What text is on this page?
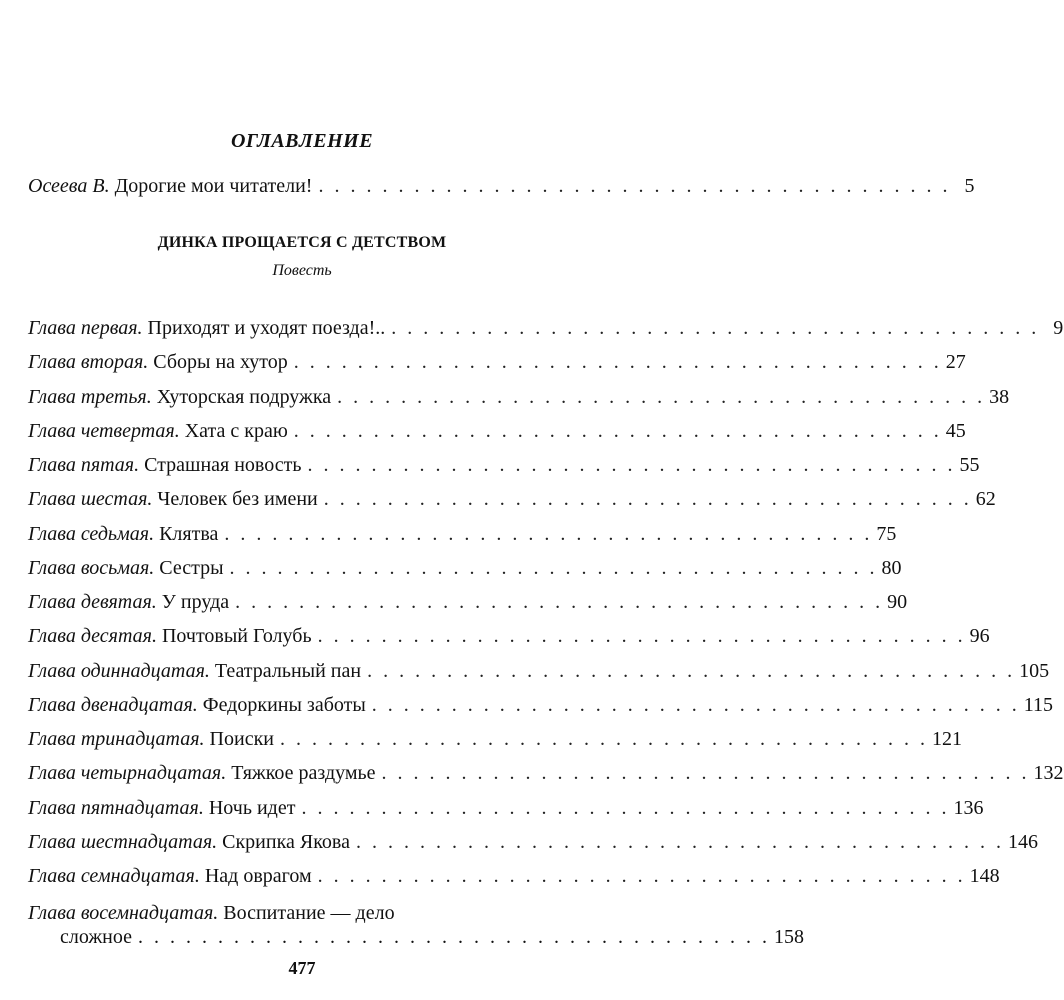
ОГЛАВЛЕНИЕ
Осеева В. Дорогие мои читатели! . . . . . . . . . . . . . . . . . . . . . . . . . . . . . . . . . . . . . . . . 5
ДИНКА ПРОЩАЕТСЯ С ДЕТСТВОМ
Повесть
Глава первая. Приходят и уходят поезда!.. . . . . . . . . . . . . . . . . . . . . . . . . . . . . . . . . . . . . . . . . . 9
Глава вторая. Сборы на хутор . . . . . . . . . . . . . . . . . . . . . . . . . . . . . . . . . . . . . . . . . 27
Глава третья. Хуторская подружка . . . . . . . . . . . . . . . . . . . . . . . . . . . . . . . . . . . . . . . . . 38
Глава четвертая. Хата с краю . . . . . . . . . . . . . . . . . . . . . . . . . . . . . . . . . . . . . . . . . 45
Глава пятая. Страшная новость . . . . . . . . . . . . . . . . . . . . . . . . . . . . . . . . . . . . . . . . . 55
Глава шестая. Человек без имени . . . . . . . . . . . . . . . . . . . . . . . . . . . . . . . . . . . . . . . . . 62
Глава седьмая. Клятва . . . . . . . . . . . . . . . . . . . . . . . . . . . . . . . . . . . . . . . . . 75
Глава восьмая. Сестры . . . . . . . . . . . . . . . . . . . . . . . . . . . . . . . . . . . . . . . . . 80
Глава девятая. У пруда . . . . . . . . . . . . . . . . . . . . . . . . . . . . . . . . . . . . . . . . . 90
Глава десятая. Почтовый Голубь . . . . . . . . . . . . . . . . . . . . . . . . . . . . . . . . . . . . . . . . . 96
Глава одиннадцатая. Театральный пан . . . . . . . . . . . . . . . . . . . . . . . . . . . . . . . . . . . . . . . . . 105
Глава двенадцатая. Федоркины заботы . . . . . . . . . . . . . . . . . . . . . . . . . . . . . . . . . . . . . . . . . 115
Глава тринадцатая. Поиски . . . . . . . . . . . . . . . . . . . . . . . . . . . . . . . . . . . . . . . . . 121
Глава четырнадцатая. Тяжкое раздумье . . . . . . . . . . . . . . . . . . . . . . . . . . . . . . . . . . . . . . . . . 132
Глава пятнадцатая. Ночь идет . . . . . . . . . . . . . . . . . . . . . . . . . . . . . . . . . . . . . . . . . 136
Глава шестнадцатая. Скрипка Якова . . . . . . . . . . . . . . . . . . . . . . . . . . . . . . . . . . . . . . . . . 146
Глава семнадцатая. Над оврагом . . . . . . . . . . . . . . . . . . . . . . . . . . . . . . . . . . . . . . . . . 148
Глава восемнадцатая. Воспитание — дело
сложное . . . . . . . . . . . . . . . . . . . . . . . . . . . . . . . . . . . . . . . . 158
477
